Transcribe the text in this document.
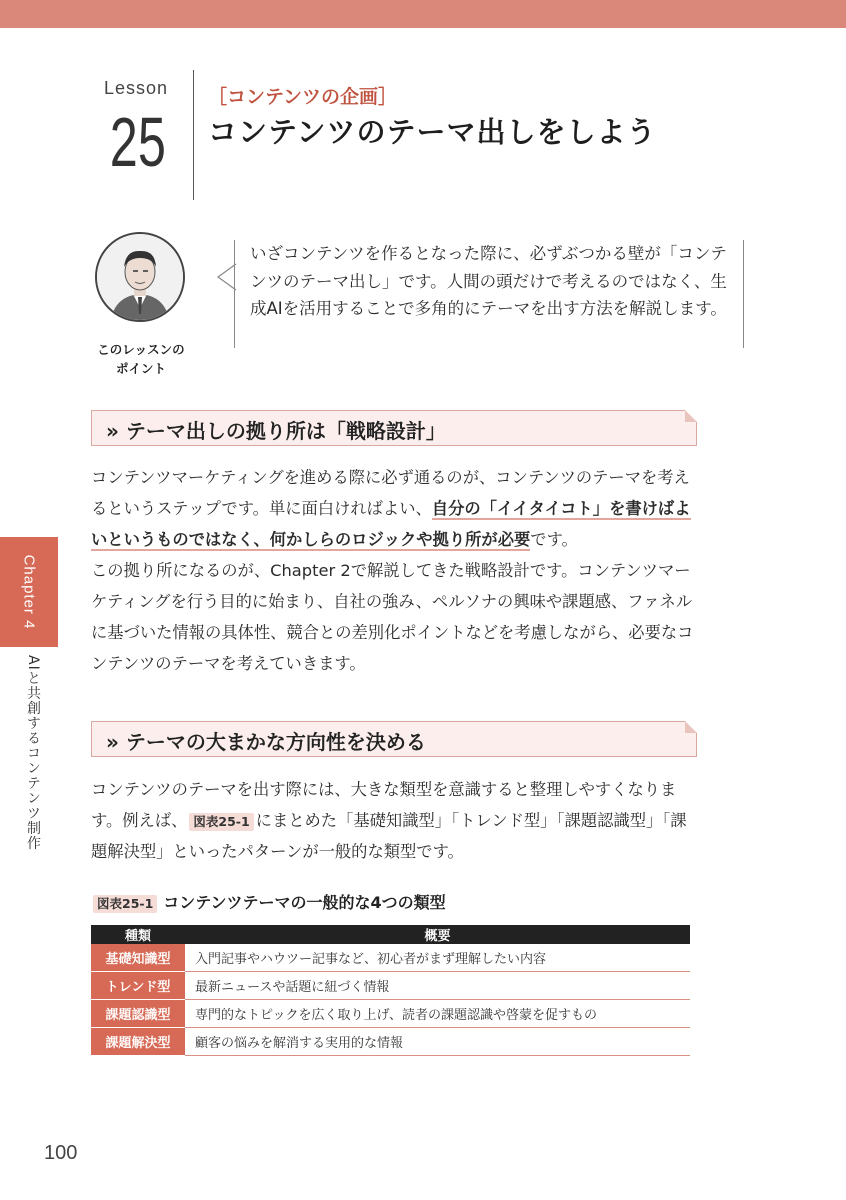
Lesson
25
［コンテンツの企画］
コンテンツのテーマ出しをしよう
このレッスンの
ポイント
いざコンテンツを作るとなった際に、必ずぶつかる壁が「コンテンツのテーマ出し」です。人間の頭だけで考えるのではなく、生成AIを活用することで多角的にテーマを出す方法を解説します。
» テーマ出しの拠り所は「戦略設計」

コンテンツマーケティングを進める際に必ず通るのが、コンテンツのテーマを考えるというステップです。単に面白ければよい、自分の「イイタイコト」を書けばよいというものではなく、何かしらのロジックや拠り所が必要です。

この拠り所になるのが、Chapter 2で解説してきた戦略設計です。コンテンツマーケティングを行う目的に始まり、自社の強み、ペルソナの興味や課題感、ファネルに基づいた情報の具体性、競合との差別化ポイントなどを考慮しながら、必要なコンテンツのテーマを考えていきます。

» テーマの大まかな方向性を決める

コンテンツのテーマを出す際には、大きな類型を意識すると整理しやすくなります。例えば、 図表25-1 にまとめた「基礎知識型」「トレンド型」「課題認識型」「課題解決型」といったパターンが一般的な類型です。

図表25-1 コンテンツテーマの一般的な4つの類型
種類	概要
基礎知識型	入門記事やハウツー記事など、初心者がまず理解したい内容
トレンド型	最新ニュースや話題に紐づく情報
課題認識型	専門的なトピックを広く取り上げ、読者の課題認識や啓蒙を促すもの
課題解決型	顧客の悩みを解消する実用的な情報
Chapter 4
AIと共創するコンテンツ制作
100
